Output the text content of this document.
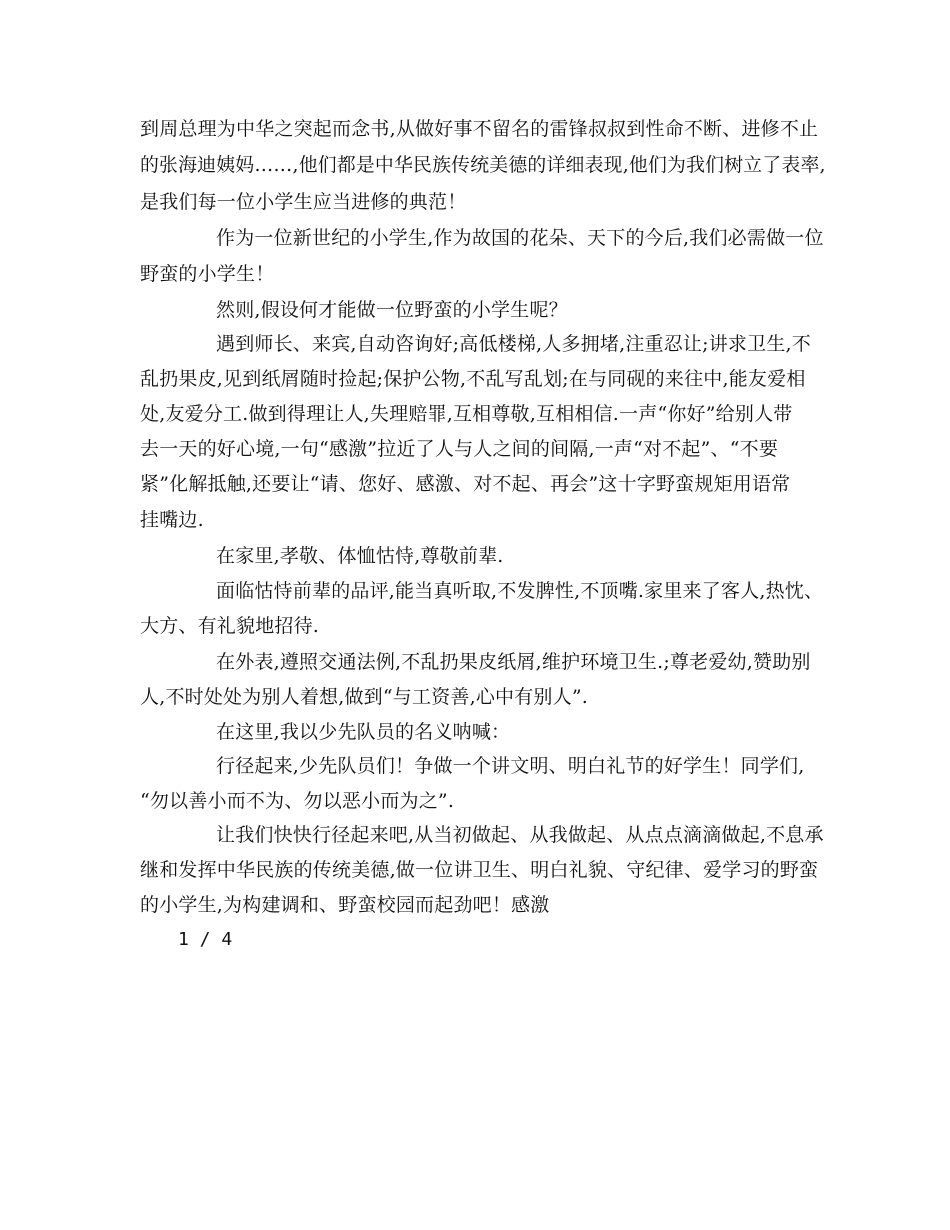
到周总理为中华之突起而念书,从做好事不留名的雷锋叔叔到性命不断、进修不止
的张海迪姨妈……,他们都是中华民族传统美德的详细表现,他们为我们树立了表率,
是我们每一位小学生应当进修的典范！
作为一位新世纪的小学生,作为故国的花朵、天下的今后,我们必需做一位
野蛮的小学生！
然则,假设何才能做一位野蛮的小学生呢？
遇到师长、来宾,自动咨询好;高低楼梯,人多拥堵,注重忍让;讲求卫生,不
乱扔果皮,见到纸屑随时捡起;保护公物,不乱写乱划;在与同砚的来往中,能友爱相
处,友爱分工.做到得理让人,失理赔罪,互相尊敬,互相相信.一声“你好”给别人带
去一天的好心境,一句“感激”拉近了人与人之间的间隔,一声“对不起”、“不要
紧”化解抵触,还要让“请、您好、感激、对不起、再会”这十字野蛮规矩用语常
挂嘴边.
在家里,孝敬、体恤怙恃,尊敬前辈.
面临怙恃前辈的品评,能当真听取,不发脾性,不顶嘴.家里来了客人,热忱、
大方、有礼貌地招待.
在外表,遵照交通法例,不乱扔果皮纸屑,维护环境卫生.;尊老爱幼,赞助别
人,不时处处为别人着想,做到“与工资善,心中有别人”.
在这里,我以少先队员的名义呐喊：
行径起来,少先队员们！争做一个讲文明、明白礼节的好学生！同学们,
“勿以善小而不为、勿以恶小而为之”.
让我们快快行径起来吧,从当初做起、从我做起、从点点滴滴做起,不息承
继和发挥中华民族的传统美德,做一位讲卫生、明白礼貌、守纪律、爱学习的野蛮
的小学生,为构建调和、野蛮校园而起劲吧！感激
1 / 4
